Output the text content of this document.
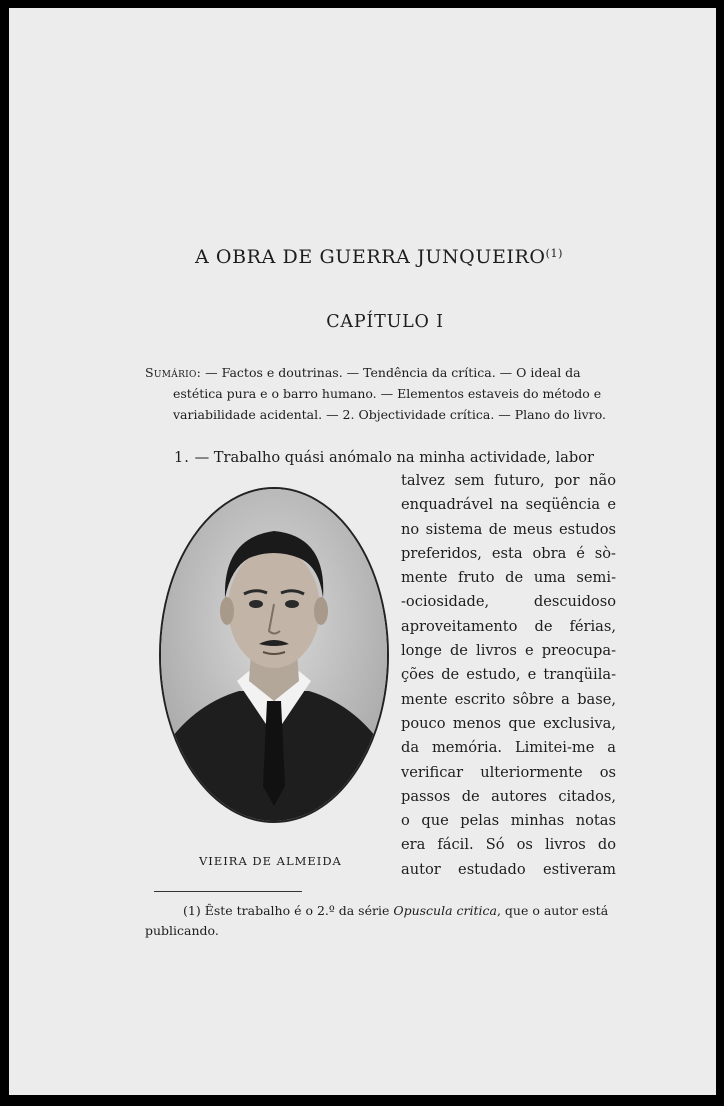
A OBRA DE GUERRA JUNQUEIRO$^{(1)}$
CAPÍTULO I
Sumário: — Factos e doutrinas. — Tendência da crítica. — O ideal da
estética pura e o barro humano. — Elementos estaveis do método e
variabilidade acidental. — 2. Objectividade crítica. — Plano do livro.
1. — Trabalho quási anómalo na minha actividade, labor
talvez sem futuro, por não
enquadrável na seqüência e
no sistema de meus estudos
preferidos, esta obra é sò-
mente fruto de uma semi-
-ociosidade, descuidoso
aproveitamento de férias,
longe de livros e preocupa-
ções de estudo, e tranqüila-
mente escrito sôbre a base,
pouco menos que exclusiva,
da memória. Limitei-me a
verificar ulteriormente os
passos de autores citados,
o que pelas minhas notas
era fácil. Só os livros do
autor estudado estiveram
VIEIRA DE ALMEIDA
(1) Êste trabalho é o 2.º da série Opuscula critica, que o autor está
publicando.
